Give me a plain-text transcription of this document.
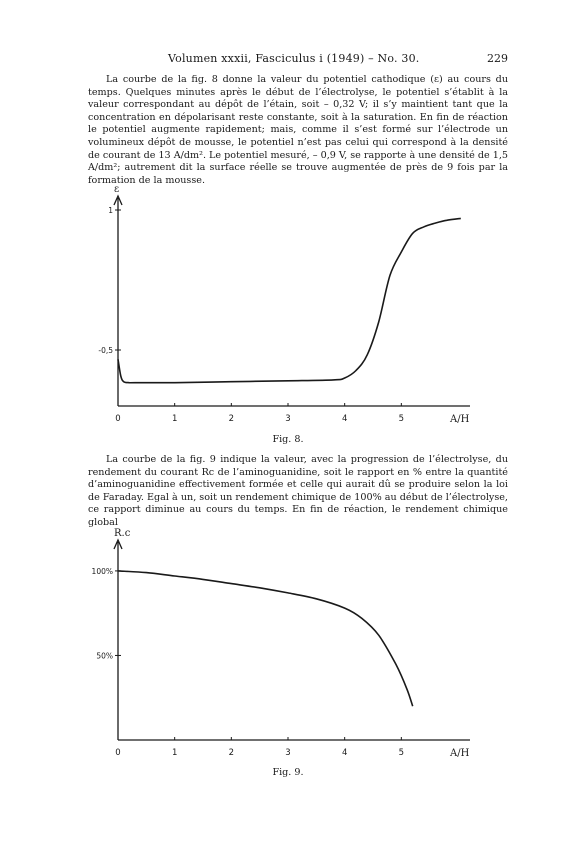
Volumen xxxii, Fasciculus i (1949) – No. 30.	229

La courbe de la fig. 8 donne la valeur du potentiel cathodique (ε) au cours du temps. Quelques minutes après le début de l’électrolyse, le potentiel s’établit à la valeur correspondant au dépôt de l’étain, soit – 0,32 V; il s’y maintient tant que la concentration en dépolarisant reste constante, soit à la saturation. En fin de réaction le potentiel augmente rapidement; mais, comme il s’est formé sur l’électrode un volumineux dépôt de mousse, le potentiel n’est pas celui qui correspond à la densité de courant de 13 A/dm². Le potentiel mesuré, – 0,9 V, se rapporte à une densité de 1,5 A/dm²; autrement dit la surface réelle se trouve augmentée de près de 9 fois par la formation de la mousse.

ε
A/H
0	1	2	3	4	5
1
-0,5
Fig. 8.

La courbe de la fig. 9 indique la valeur, avec la progression de l’électrolyse, du rendement du courant Rc de l’aminoguanidine, soit le rapport en % entre la quantité d’aminoguanidine effectivement formée et celle qui aurait dû se produire selon la loi de Faraday. Egal à un, soit un rendement chimique de 100% au début de l’électrolyse, ce rapport diminue au cours du temps. En fin de réaction, le rendement chimique global

R.c
A/H
0	1	2	3	4	5
100%
50%
Fig. 9.
